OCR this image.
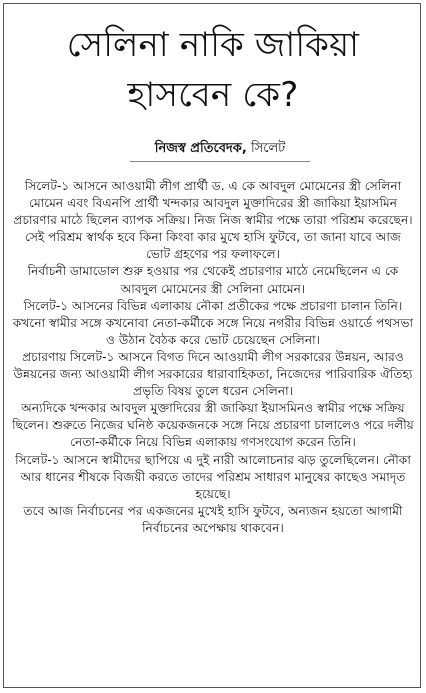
সেলিনা নাকি জাকিয়া
হাসবেন কে?
নিজস্ব প্রতিবেদক, সিলেট

সিলেট-১ আসনে আওয়ামী লীগ প্রার্থী ড. এ কে আবদুল মোমেনের স্ত্রী সেলিনা মোমেন এবং বিএনপি প্রার্থী খন্দকার আবদুল মুক্তাদিরের স্ত্রী জাকিয়া ইয়াসমিন প্রচারণার মাঠে ছিলেন ব্যাপক সক্রিয়। নিজ নিজ স্বামীর পক্ষে তারা পরিশ্রম করেছেন।

সেই পরিশ্রম স্বার্থক হবে কিনা কিংবা কার মুখে হাসি ফুটবে, তা জানা যাবে আজ ভোট গ্রহণের পর ফলাফলে।

নির্বাচনী ডামাডোল শুরু হওয়ার পর থেকেই প্রচারণার মাঠে নেমেছিলেন এ কে আবদুল মোমেনের স্ত্রী সেলিনা মোমেন।

সিলেট-১ আসনের বিভিন্ন এলাকায় নৌকা প্রতীকের পক্ষে প্রচারণা চালান তিনি। কখনো স্বামীর সঙ্গে কখনোবা নেতা-কর্মীকে সঙ্গে নিয়ে নগরীর বিভিন্ন ওয়ার্ডে পথসভা ও উঠান বৈঠক করে ভোট চেয়েছেন সেলিনা।

প্রচারণায় সিলেট-১ আসনে বিগত দিনে আওয়ামী লীগ সরকারের উন্নয়ন, আরও উন্নয়নের জন্য আওয়ামী লীগ সরকারের ধারাবাহিকতা, নিজেদের পারিবারিক ঐতিহ্য প্রভৃতি বিষয় তুলে ধরেন সেলিনা।

অন্যদিকে খন্দকার আবদুল মুক্তাদিরের স্ত্রী জাকিয়া ইয়াসমিনও স্বামীর পক্ষে সক্রিয় ছিলেন। শুরুতে নিজের ঘনিষ্ঠ কয়েকজনকে সঙ্গে নিয়ে প্রচারণা চালালেও পরে দলীয় নেতা-কর্মীকে নিয়ে বিভিন্ন এলাকায় গণসংযোগ করেন তিনি।

সিলেট-১ আসনে স্বামীদের ছাপিয়ে এ দুই নারী আলোচনার ঝড় তুলেছিলেন। নৌকা আর ধানের শীষকে বিজয়ী করতে তাদের পরিশ্রম সাধারণ মানুষের কাছেও সমাদৃত হয়েছে।

তবে আজ নির্বাচনের পর একজনের মুখেই হাসি ফুটবে, অন্যজন হয়তো আগামী নির্বাচনের অপেক্ষায় থাকবেন।
